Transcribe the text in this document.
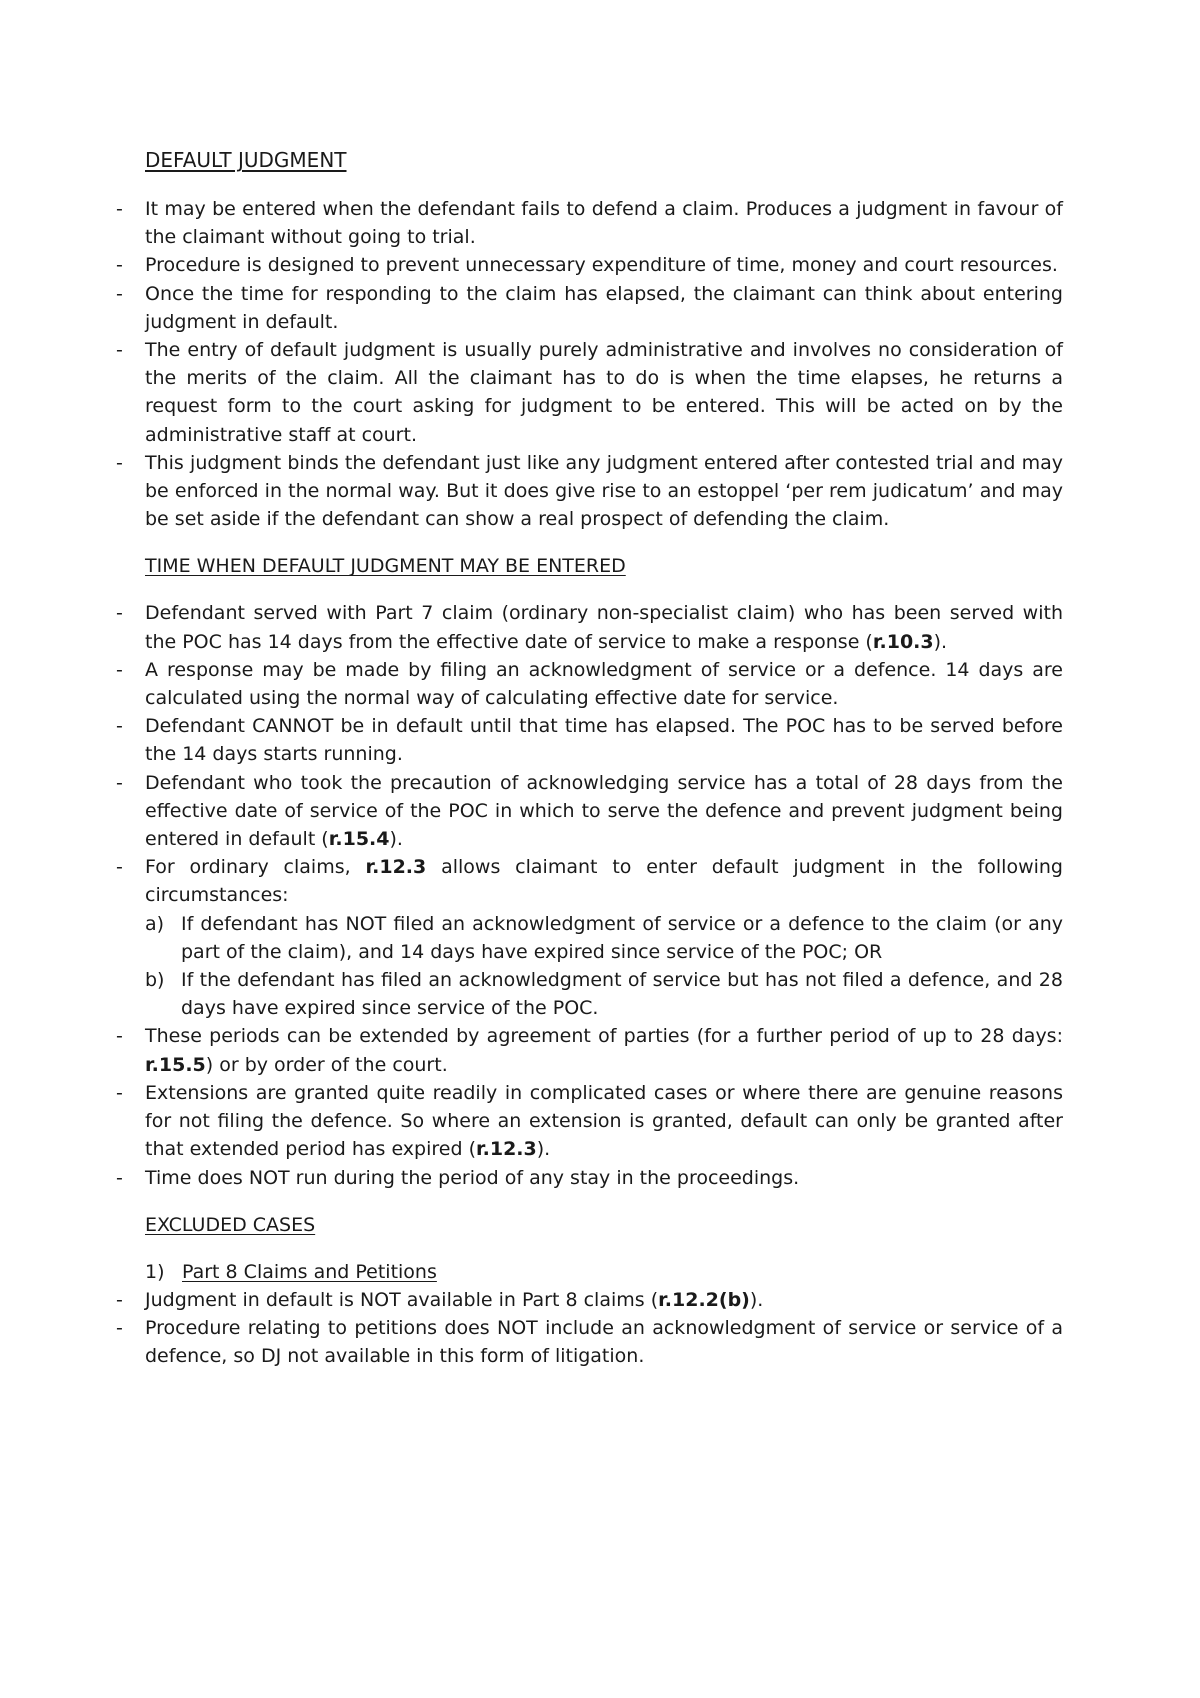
DEFAULT JUDGMENT
- It may be entered when the defendant fails to defend a claim. Produces a judgment in favour of the claimant without going to trial.
- Procedure is designed to prevent unnecessary expenditure of time, money and court resources.
- Once the time for responding to the claim has elapsed, the claimant can think about entering judgment in default.
- The entry of default judgment is usually purely administrative and involves no consideration of the merits of the claim. All the claimant has to do is when the time elapses, he returns a request form to the court asking for judgment to be entered. This will be acted on by the administrative staff at court.
- This judgment binds the defendant just like any judgment entered after contested trial and may be enforced in the normal way. But it does give rise to an estoppel ‘per rem judicatum’ and may be set aside if the defendant can show a real prospect of defending the claim.
TIME WHEN DEFAULT JUDGMENT MAY BE ENTERED
- Defendant served with Part 7 claim (ordinary non-specialist claim) who has been served with the POC has 14 days from the effective date of service to make a response (r.10.3).
- A response may be made by filing an acknowledgment of service or a defence. 14 days are calculated using the normal way of calculating effective date for service.
- Defendant CANNOT be in default until that time has elapsed. The POC has to be served before the 14 days starts running.
- Defendant who took the precaution of acknowledging service has a total of 28 days from the effective date of service of the POC in which to serve the defence and prevent judgment being entered in default (r.15.4).
- For ordinary claims, r.12.3 allows claimant to enter default judgment in the following circumstances:
a) If defendant has NOT filed an acknowledgment of service or a defence to the claim (or any part of the claim), and 14 days have expired since service of the POC; OR
b) If the defendant has filed an acknowledgment of service but has not filed a defence, and 28 days have expired since service of the POC.
- These periods can be extended by agreement of parties (for a further period of up to 28 days: r.15.5) or by order of the court.
- Extensions are granted quite readily in complicated cases or where there are genuine reasons for not filing the defence. So where an extension is granted, default can only be granted after that extended period has expired (r.12.3).
- Time does NOT run during the period of any stay in the proceedings.
EXCLUDED CASES
1) Part 8 Claims and Petitions
- Judgment in default is NOT available in Part 8 claims (r.12.2(b)).
- Procedure relating to petitions does NOT include an acknowledgment of service or service of a defence, so DJ not available in this form of litigation.
